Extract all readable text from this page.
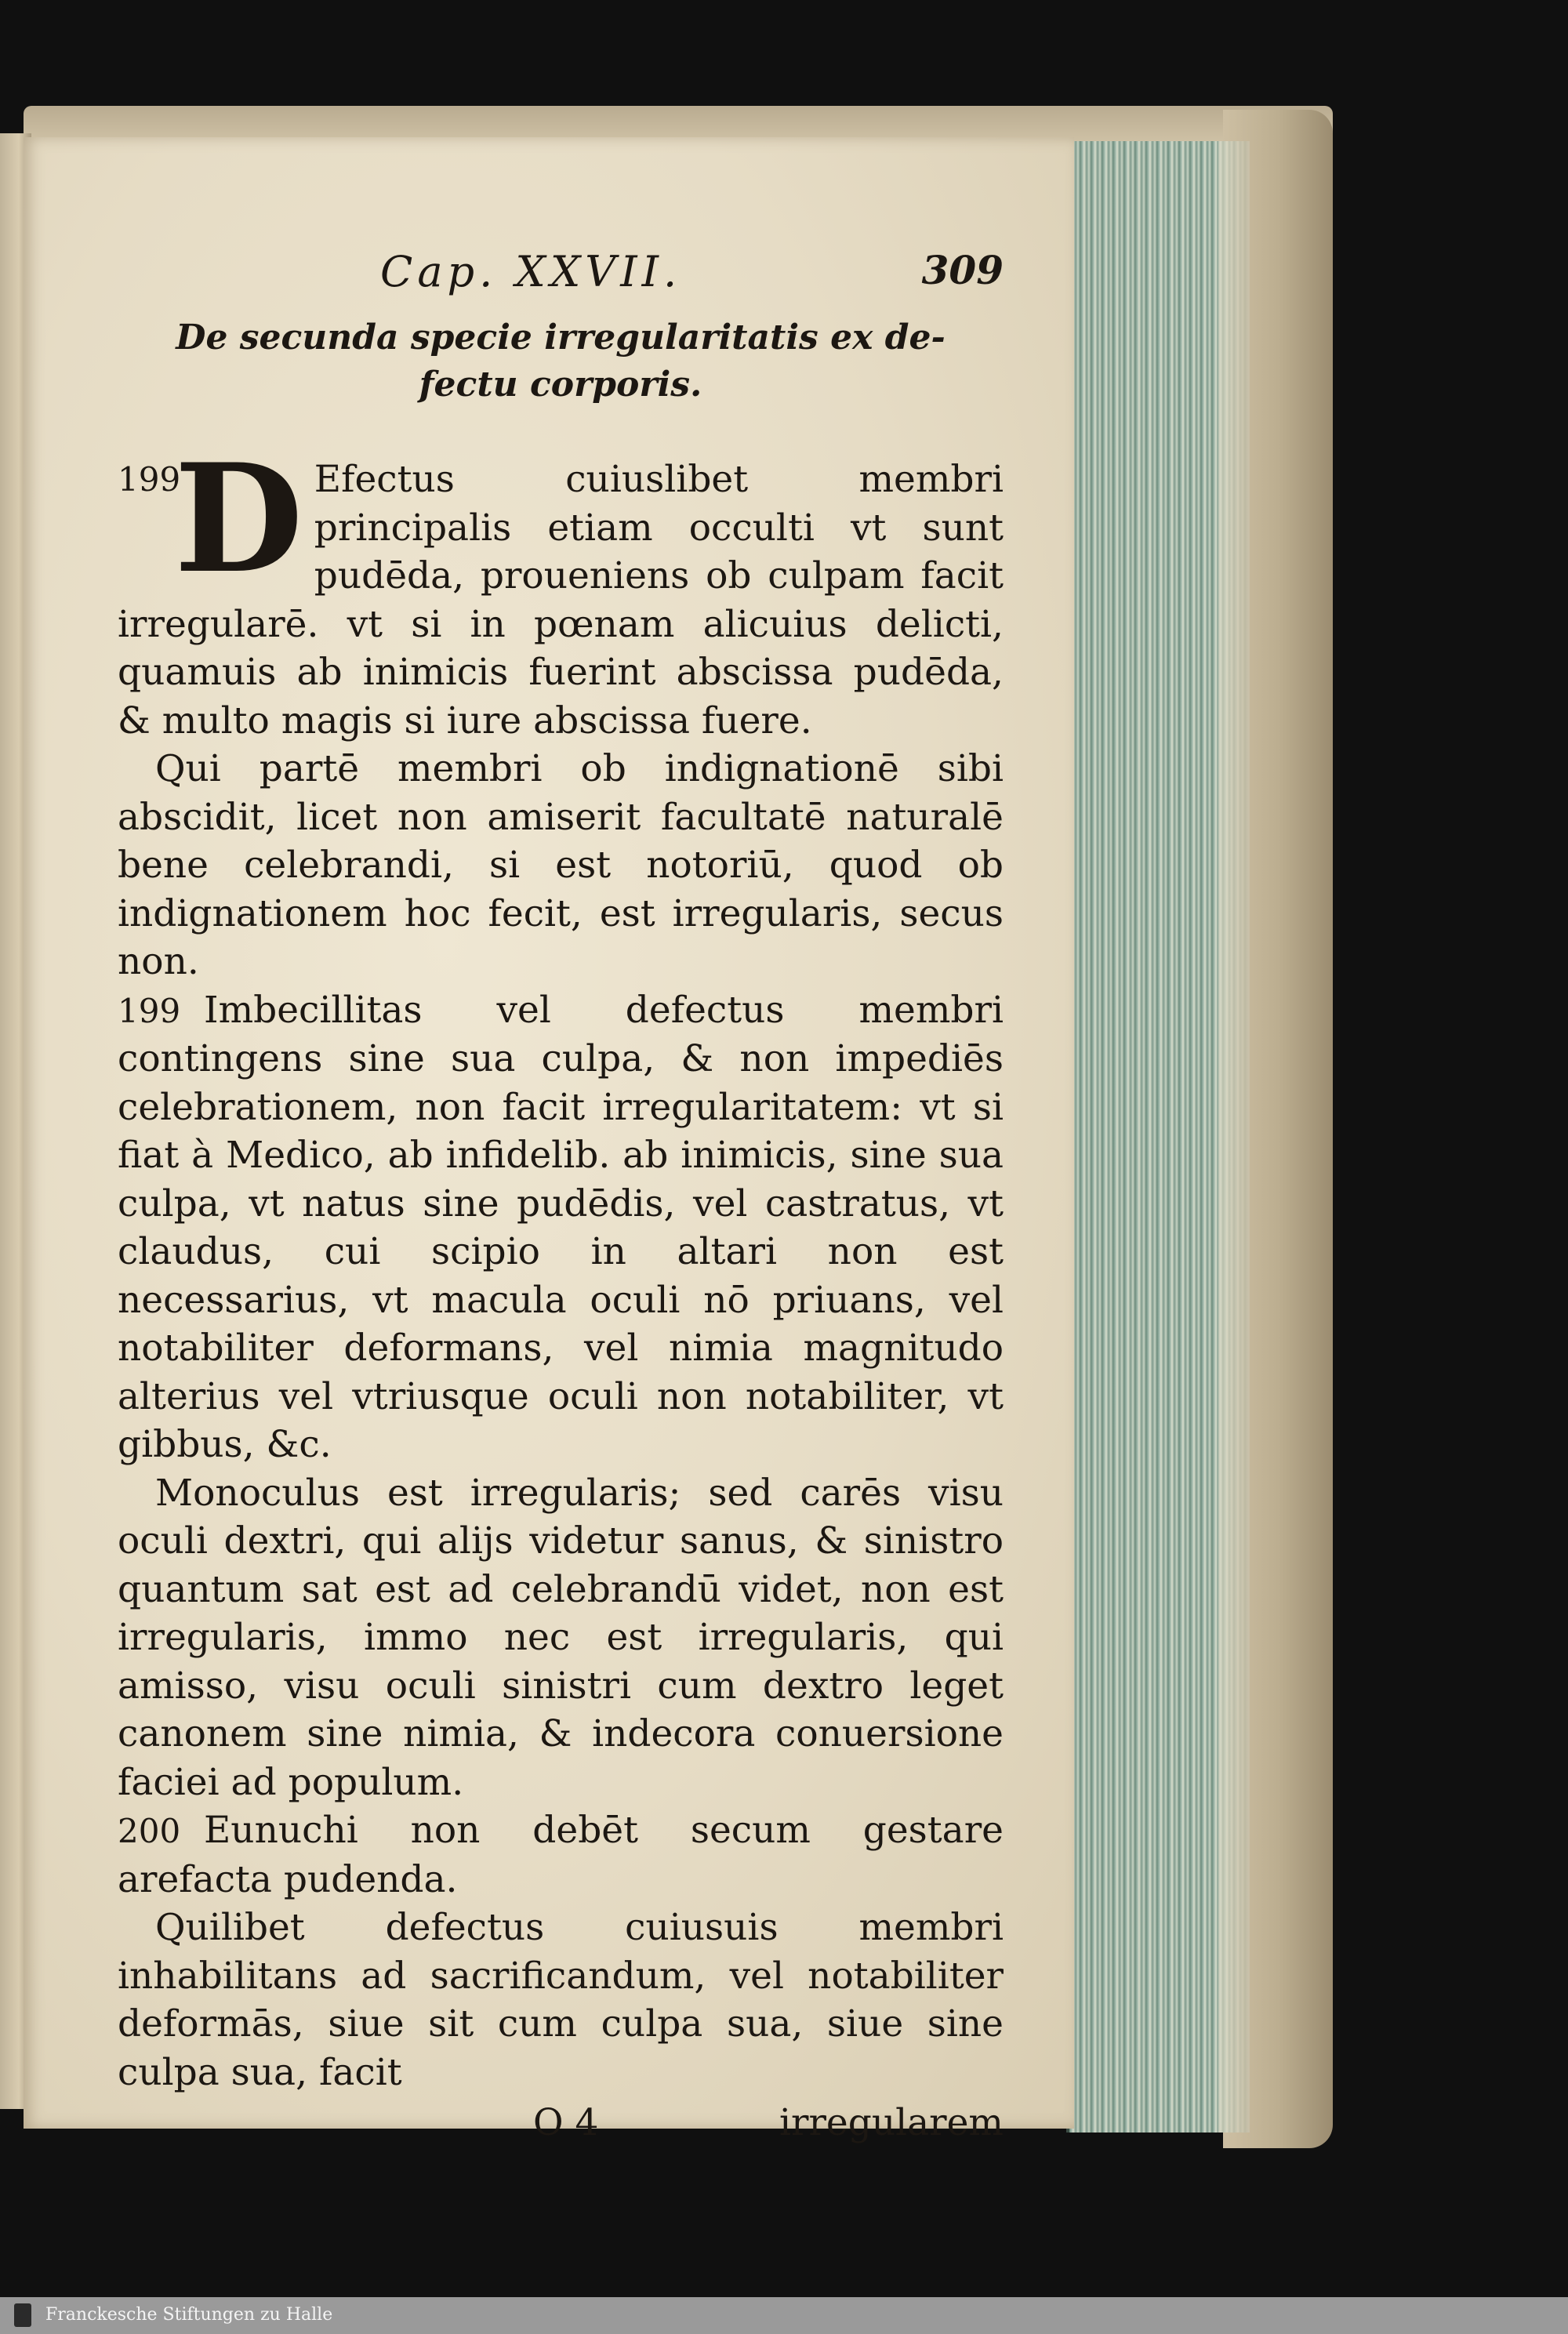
Cap. XXVII.	309
De secunda specie irregularitatis ex de-
fectu corporis.

199
D Efectus cuiuslibet membri principalis etiam occulti vt sunt pudēda, proueniens ob culpam facit irregularē. vt si in pœnam alicuius delicti, quamuis ab inimicis fuerint abscissa pudēda, & multo magis si iure abscissa fuere.

Qui partē membri ob indignationē sibi abscidit, licet non amiserit facultatē naturalē bene celebrandi, si est notoriū, quod ob indignationem hoc fecit, est irregularis, secus non.

199 Imbecillitas vel defectus membri contingens sine sua culpa, & non impediēs celebrationem, non facit irregularitatem: vt si fiat à Medico, ab infidelib. ab inimicis, sine sua culpa, vt natus sine pudēdis, vel castratus, vt claudus, cui scipio in altari non est necessarius, vt macula oculi nō priuans, vel notabiliter deformans, vel nimia magnitudo alterius vel vtriusque oculi non notabiliter, vt gibbus, &c.

Monoculus est irregularis; sed carēs visu oculi dextri, qui alijs videtur sanus, & sinistro quantum sat est ad celebrandū videt, non est irregularis, immo nec est irregularis, qui amisso, visu oculi sinistri cum dextro leget canonem sine nimia, & indecora conuersione faciei ad populum.

200 Eunuchi non debēt secum gestare arefacta pudenda.

Quilibet defectus cuiusuis membri inhabilitans ad sacrificandum, vel notabiliter deformās, siue sit cum culpa sua, siue sine culpa sua, facit

O 4	irregularem
Franckesche Stiftungen zu Halle
